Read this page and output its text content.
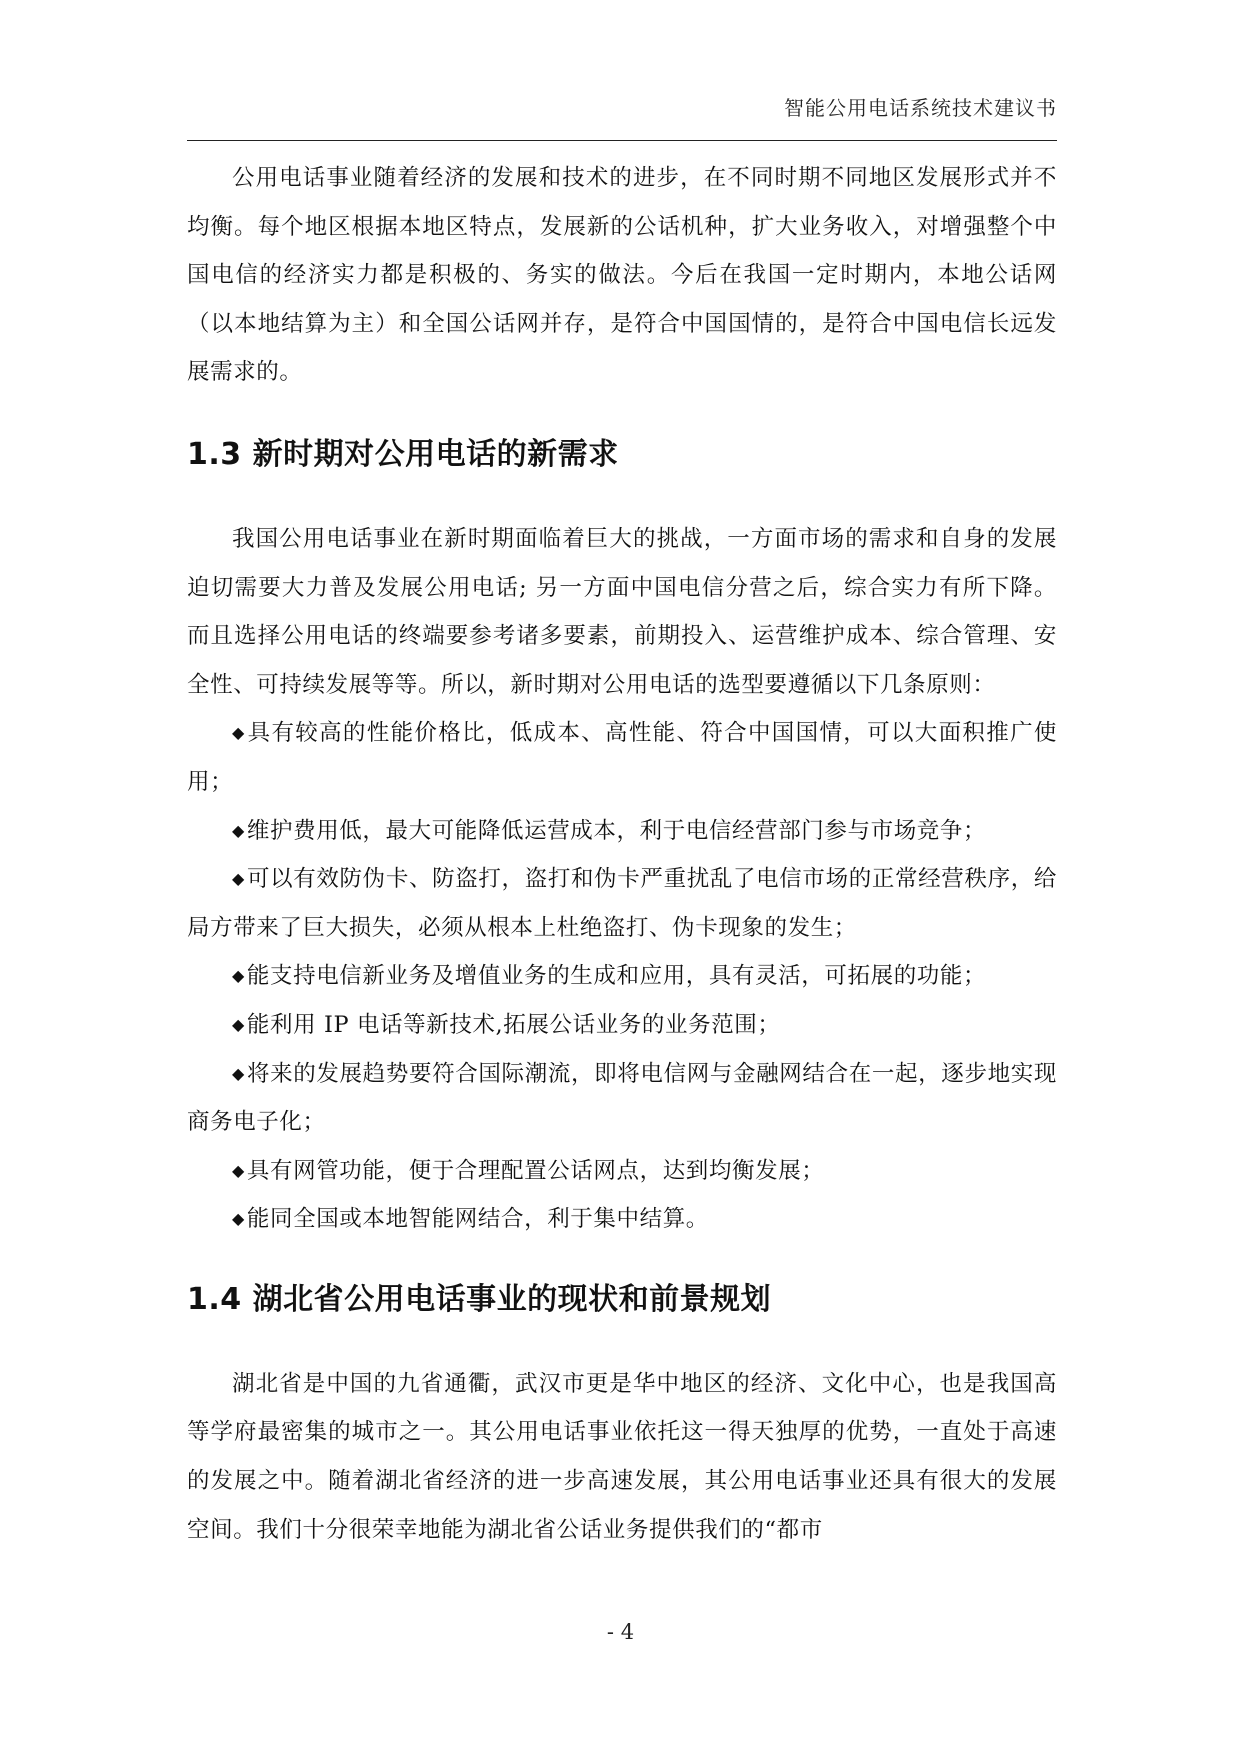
智能公用电话系统技术建议书

公用电话事业随着经济的发展和技术的进步，在不同时期不同地区发展形式并不均衡。每个地区根据本地区特点，发展新的公话机种，扩大业务收入，对增强整个中国电信的经济实力都是积极的、务实的做法。今后在我国一定时期内，本地公话网（以本地结算为主）和全国公话网并存，是符合中国国情的，是符合中国电信长远发展需求的。

1.3 新时期对公用电话的新需求

我国公用电话事业在新时期面临着巨大的挑战，一方面市场的需求和自身的发展迫切需要大力普及发展公用电话; 另一方面中国电信分营之后，综合实力有所下降。而且选择公用电话的终端要参考诸多要素，前期投入、运营维护成本、综合管理、安全性、可持续发展等等。所以，新时期对公用电话的选型要遵循以下几条原则：

◆具有较高的性能价格比，低成本、高性能、符合中国国情，可以大面积推广使用；

◆维护费用低，最大可能降低运营成本，利于电信经营部门参与市场竞争；

◆可以有效防伪卡、防盗打，盗打和伪卡严重扰乱了电信市场的正常经营秩序，给局方带来了巨大损失，必须从根本上杜绝盗打、伪卡现象的发生；

◆能支持电信新业务及增值业务的生成和应用，具有灵活，可拓展的功能；

◆能利用 IP 电话等新技术,拓展公话业务的业务范围；

◆将来的发展趋势要符合国际潮流，即将电信网与金融网结合在一起，逐步地实现商务电子化；

◆具有网管功能，便于合理配置公话网点，达到均衡发展；

◆能同全国或本地智能网结合，利于集中结算。

1.4 湖北省公用电话事业的现状和前景规划

湖北省是中国的九省通衢，武汉市更是华中地区的经济、文化中心，也是我国高等学府最密集的城市之一。其公用电话事业依托这一得天独厚的优势，一直处于高速的发展之中。随着湖北省经济的进一步高速发展，其公用电话事业还具有很大的发展空间。我们十分很荣幸地能为湖北省公话业务提供我们的“都市

- 4
